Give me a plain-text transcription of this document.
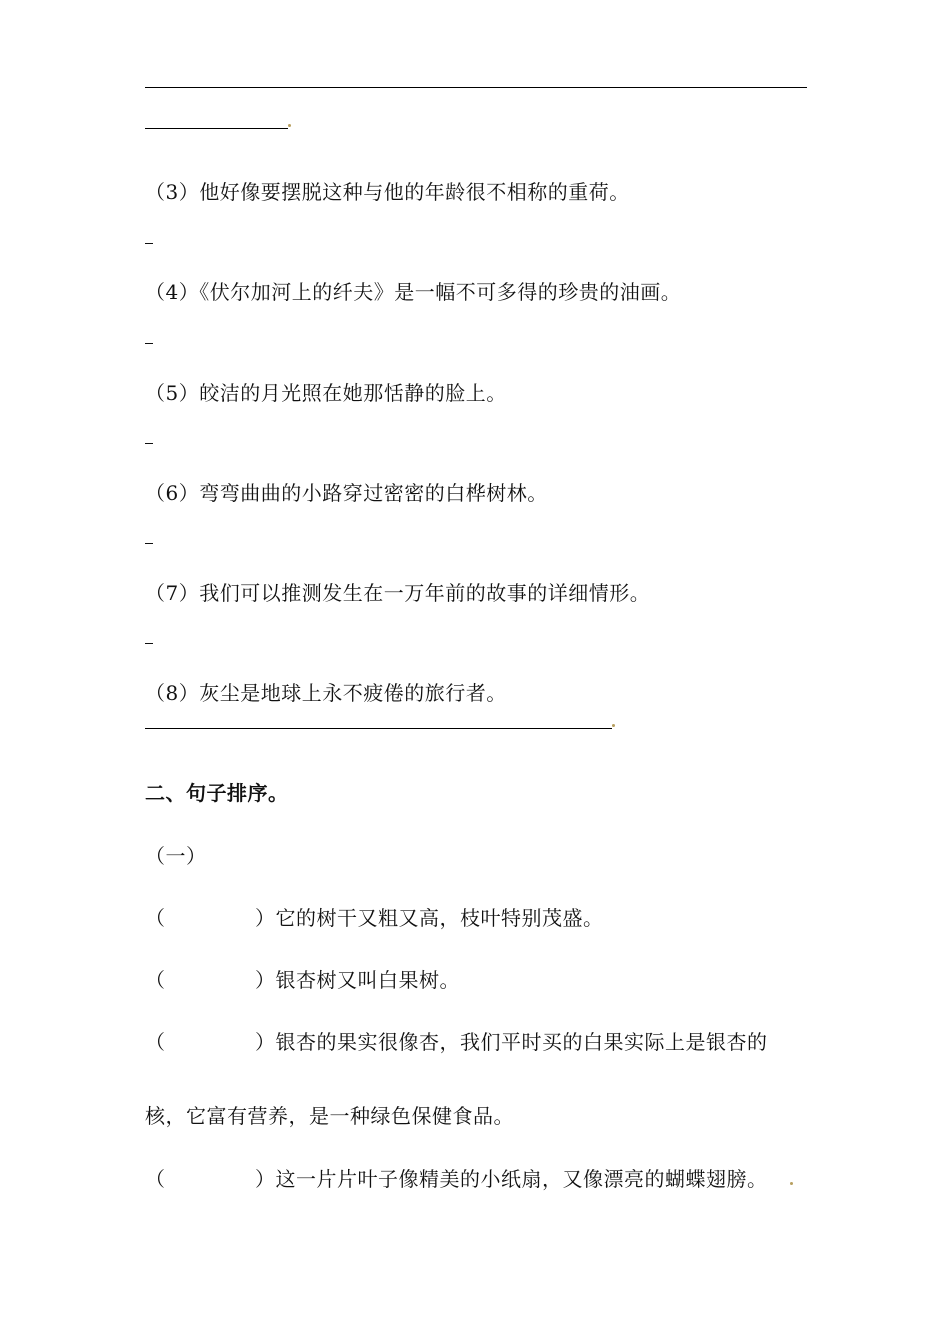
（3）他好像要摆脱这种与他的年龄很不相称的重荷。
（4）《伏尔加河上的纤夫》是一幅不可多得的珍贵的油画。
（5）皎洁的月光照在她那恬静的脸上。
（6）弯弯曲曲的小路穿过密密的白桦树林。
（7）我们可以推测发生在一万年前的故事的详细情形。
（8）灰尘是地球上永不疲倦的旅行者。
二、句子排序。
（一）
（	）它的树干又粗又高，枝叶特别茂盛。
（	）银杏树又叫白果树。
（	）银杏的果实很像杏，我们平时买的白果实际上是银杏的
核，它富有营养，是一种绿色保健食品。
（	）这一片片叶子像精美的小纸扇，又像漂亮的蝴蝶翅膀。
